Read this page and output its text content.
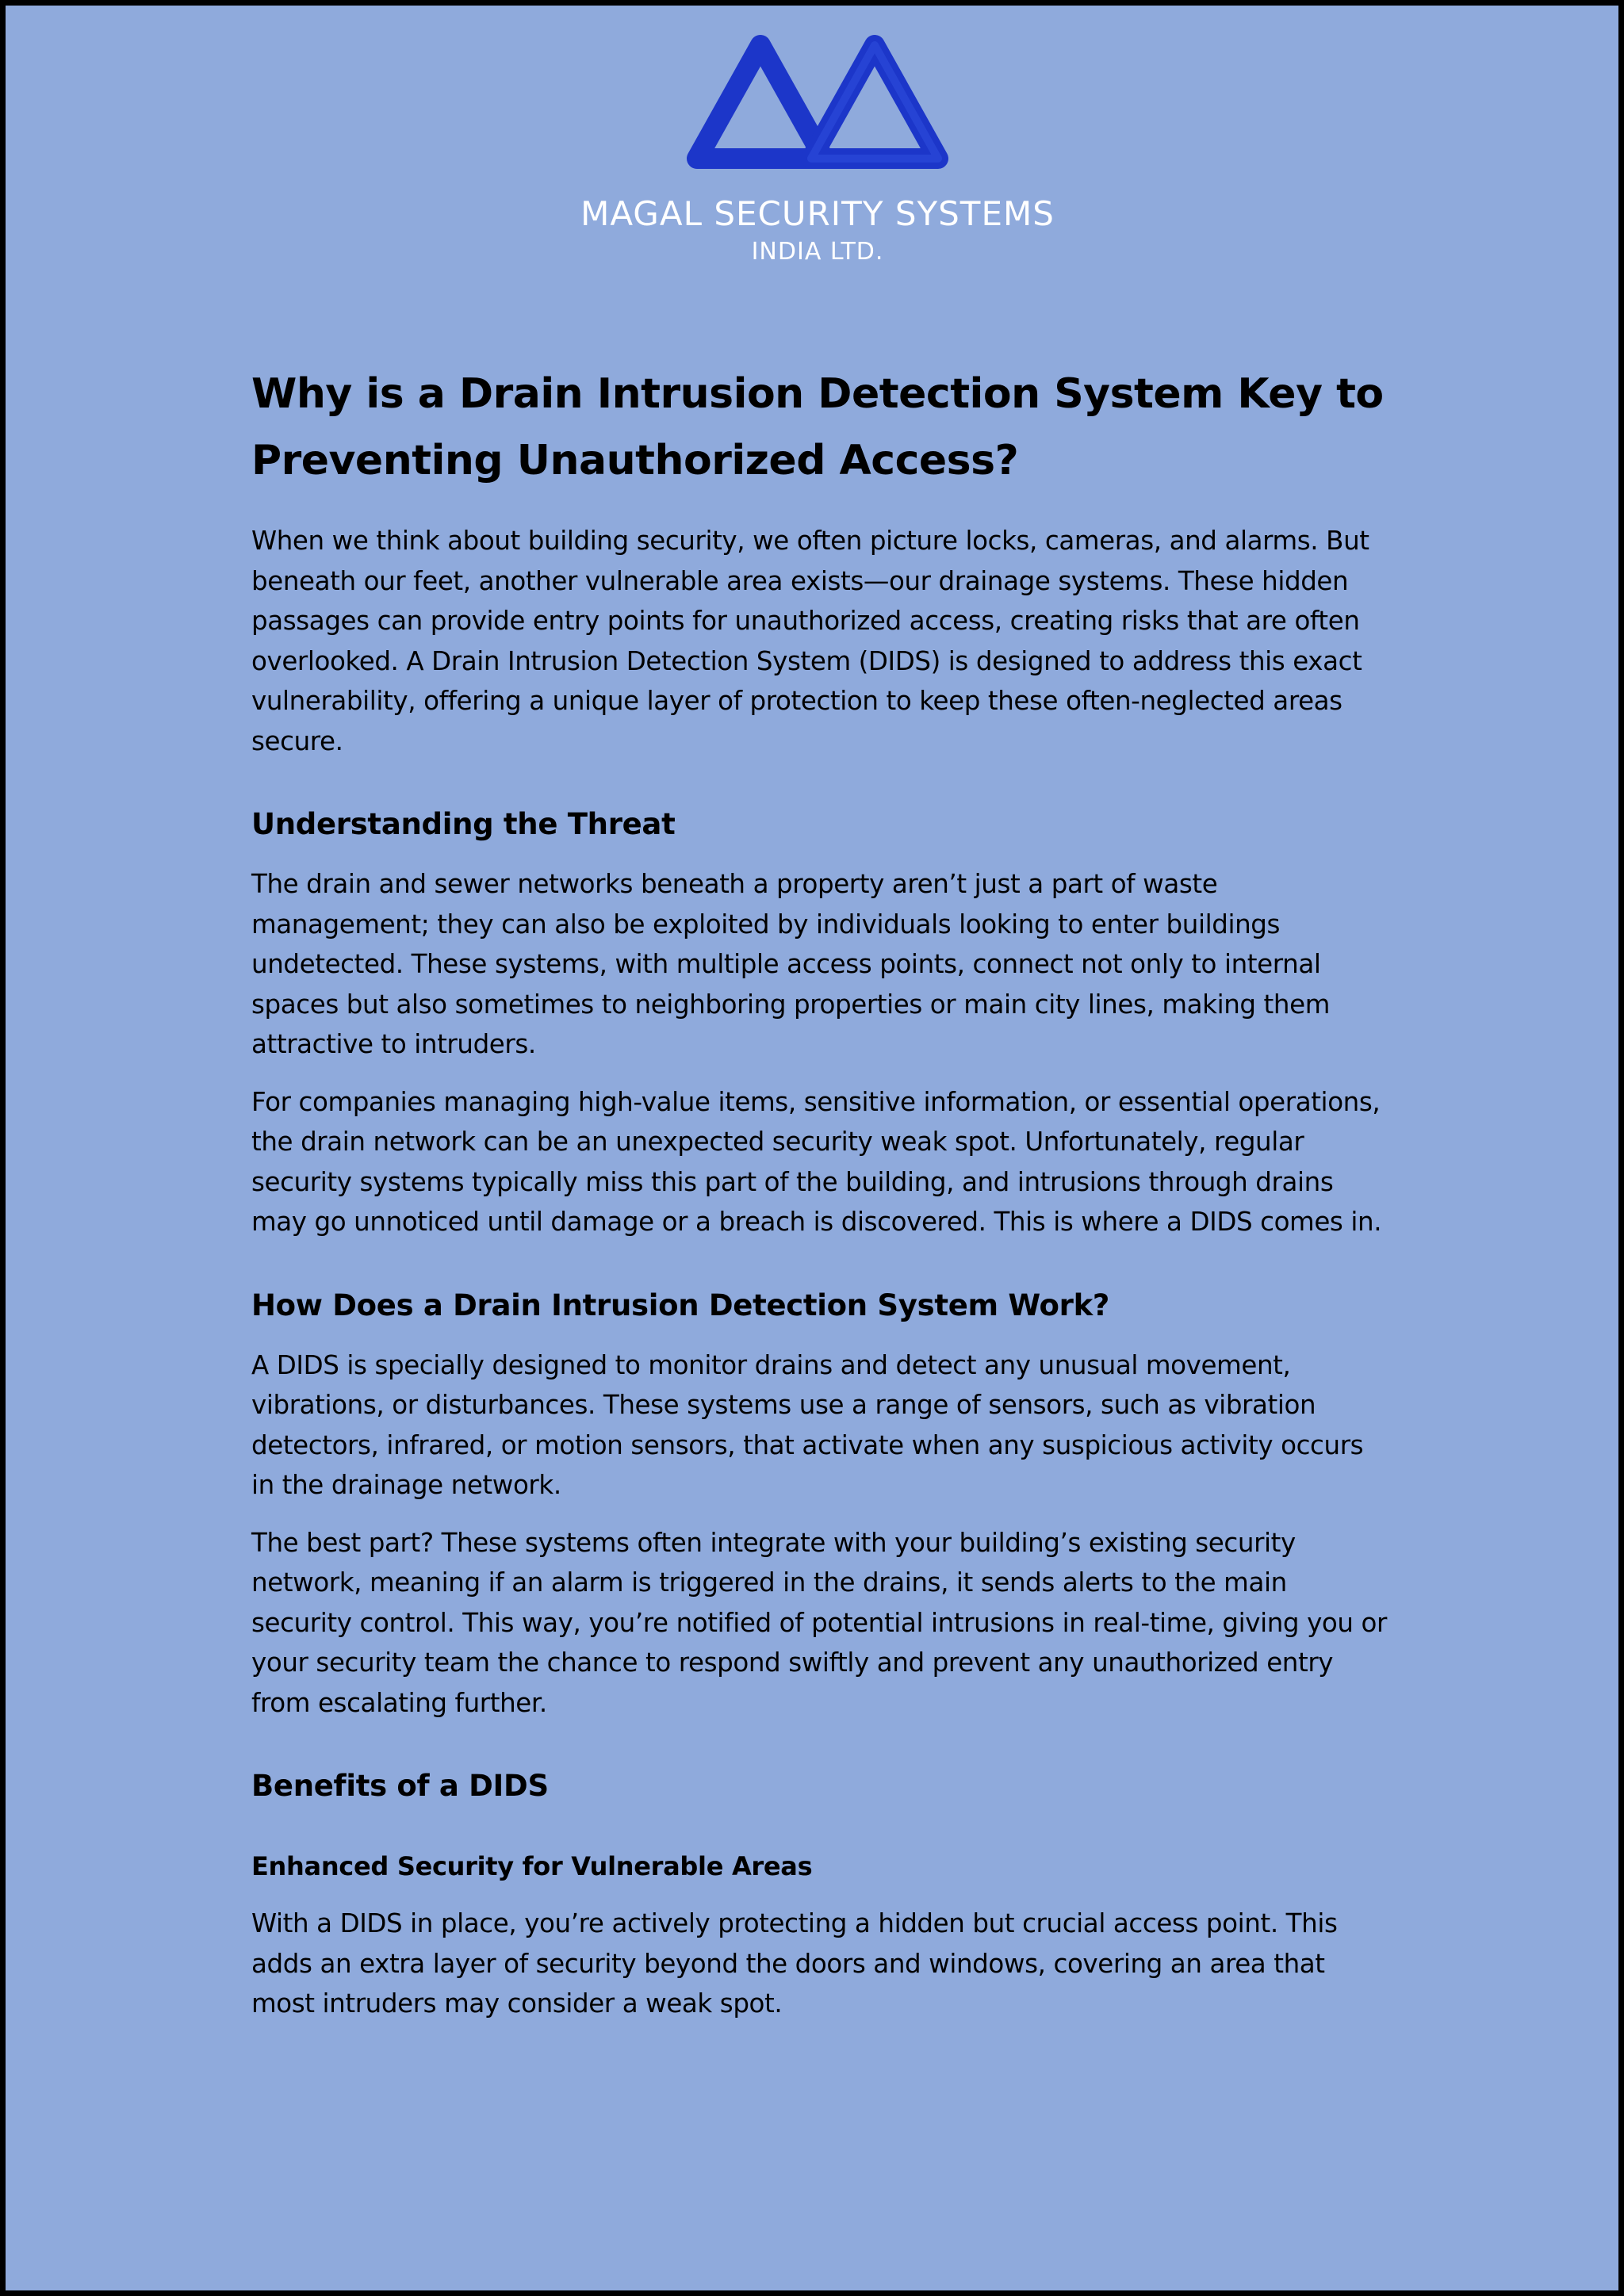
MAGAL SECURITY SYSTEMS
INDIA LTD.
Why is a Drain Intrusion Detection System Key to Preventing Unauthorized Access?

When we think about building security, we often picture locks, cameras, and alarms. But beneath our feet, another vulnerable area exists—our drainage systems. These hidden passages can provide entry points for unauthorized access, creating risks that are often overlooked. A Drain Intrusion Detection System (DIDS) is designed to address this exact vulnerability, offering a unique layer of protection to keep these often-neglected areas secure.

Understanding the Threat

The drain and sewer networks beneath a property aren’t just a part of waste management; they can also be exploited by individuals looking to enter buildings undetected. These systems, with multiple access points, connect not only to internal spaces but also sometimes to neighboring properties or main city lines, making them attractive to intruders.

For companies managing high-value items, sensitive information, or essential operations, the drain network can be an unexpected security weak spot. Unfortunately, regular security systems typically miss this part of the building, and intrusions through drains may go unnoticed until damage or a breach is discovered. This is where a DIDS comes in.

How Does a Drain Intrusion Detection System Work?

A DIDS is specially designed to monitor drains and detect any unusual movement, vibrations, or disturbances. These systems use a range of sensors, such as vibration detectors, infrared, or motion sensors, that activate when any suspicious activity occurs in the drainage network.

The best part? These systems often integrate with your building’s existing security network, meaning if an alarm is triggered in the drains, it sends alerts to the main security control. This way, you’re notified of potential intrusions in real-time, giving you or your security team the chance to respond swiftly and prevent any unauthorized entry from escalating further.

Benefits of a DIDS
Enhanced Security for Vulnerable Areas

With a DIDS in place, you’re actively protecting a hidden but crucial access point. This adds an extra layer of security beyond the doors and windows, covering an area that most intruders may consider a weak spot.
